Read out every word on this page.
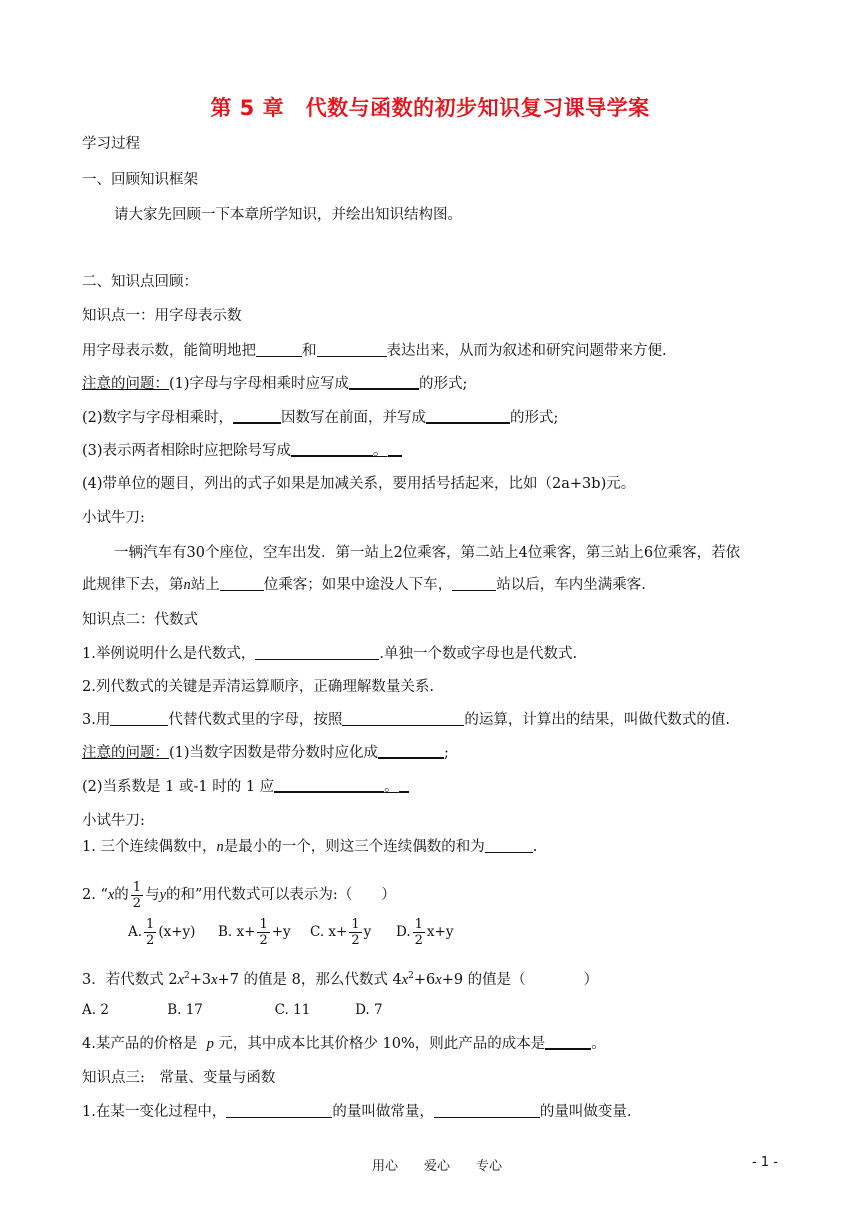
第 5 章　代数与函数的初步知识复习课导学案
学习过程
一、回顾知识框架
请大家先回顾一下本章所学知识，并绘出知识结构图。
二、知识点回顾：
知识点一：用字母表示数
用字母表示数，能简明地把	和	表达出来，从而为叙述和研究问题带来方便.
注意的问题：(1)字母与字母相乘时应写成	的形式;
(2)数字与字母相乘时，	因数写在前面，并写成	的形式;
(3)表示两者相除时应把除号写成	。
(4)带单位的题目，列出的式子如果是加减关系，要用括号括起来，比如（2a+3b)元。
小试牛刀:
一辆汽车有30个座位，空车出发．第一站上2位乘客，第二站上4位乘客，第三站上6位乘客，若依
此规律下去，第n站上	位乘客；如果中途没人下车，	站以后，车内坐满乘客.
知识点二：代数式
1.举例说明什么是代数式，	.单独一个数或字母也是代数式.
2.列代数式的关键是弄清运算顺序，正确理解数量关系.
3.用	代替代数式里的字母，按照	的运算，计算出的结果，叫做代数式的值.
注意的问题：(1)当数字因数是带分数时应化成	;
(2)当系数是 1 或-1 时的 1 应	。
小试牛刀:
1. 三个连续偶数中，n是最小的一个，则这三个连续偶数的和为	.
2. “x的 $\frac{1}{2}$ 与y的和”用代数式可以表示为:（　　）
A. $\frac{1}{2} (x+y)$ B. $x+ \frac{1}{2} +y$ C. $x+ \frac{1}{2}$ y D. $\frac{1}{2} x+y$
3．若代数式 $2x^2+3x+7$ 的值是 8，那么代数式 $4x^2+6x+9$ 的值是（　　　　）
A. 2　　　　 B. 17　　　　　 C. 11　　　 D. 7
4.某产品的价格是 p 元，其中成本比其价格少 10%，则此产品的成本是	。
知识点三:　常量、变量与函数
1.在某一变化过程中，	的量叫做常量，	的量叫做变量.
用心　　爱心　　专心	- 1 -
